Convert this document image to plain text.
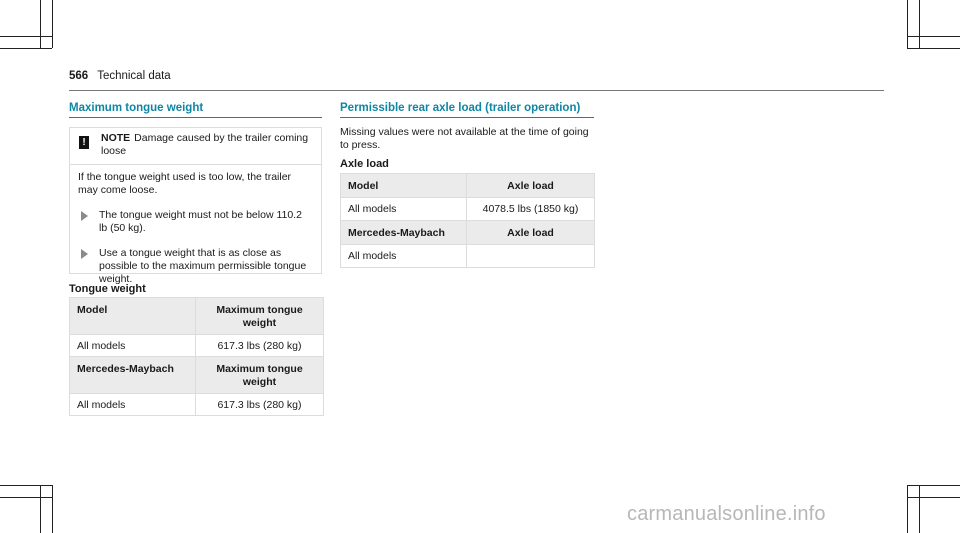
566 Technical data
Maximum tongue weight
!	NOTE Damage caused by the trailer coming loose
If the tongue weight used is too low, the trailer may come loose.
The tongue weight must not be below 110.2 lb (50 kg).
Use a tongue weight that is as close as possible to the maximum permissible tongue weight.
Tongue weight
Model	Maximum tongue weight
All models	617.3 lbs (280 kg)
Mercedes-Maybach	Maximum tongue weight
All models	617.3 lbs (280 kg)
Permissible rear axle load (trailer operation)
Missing values were not available at the time of going to press.
Axle load
Model	Axle load
All models	4078.5 lbs (1850 kg)
Mercedes-Maybach	Axle load
All models	
carmanualsonline.info
